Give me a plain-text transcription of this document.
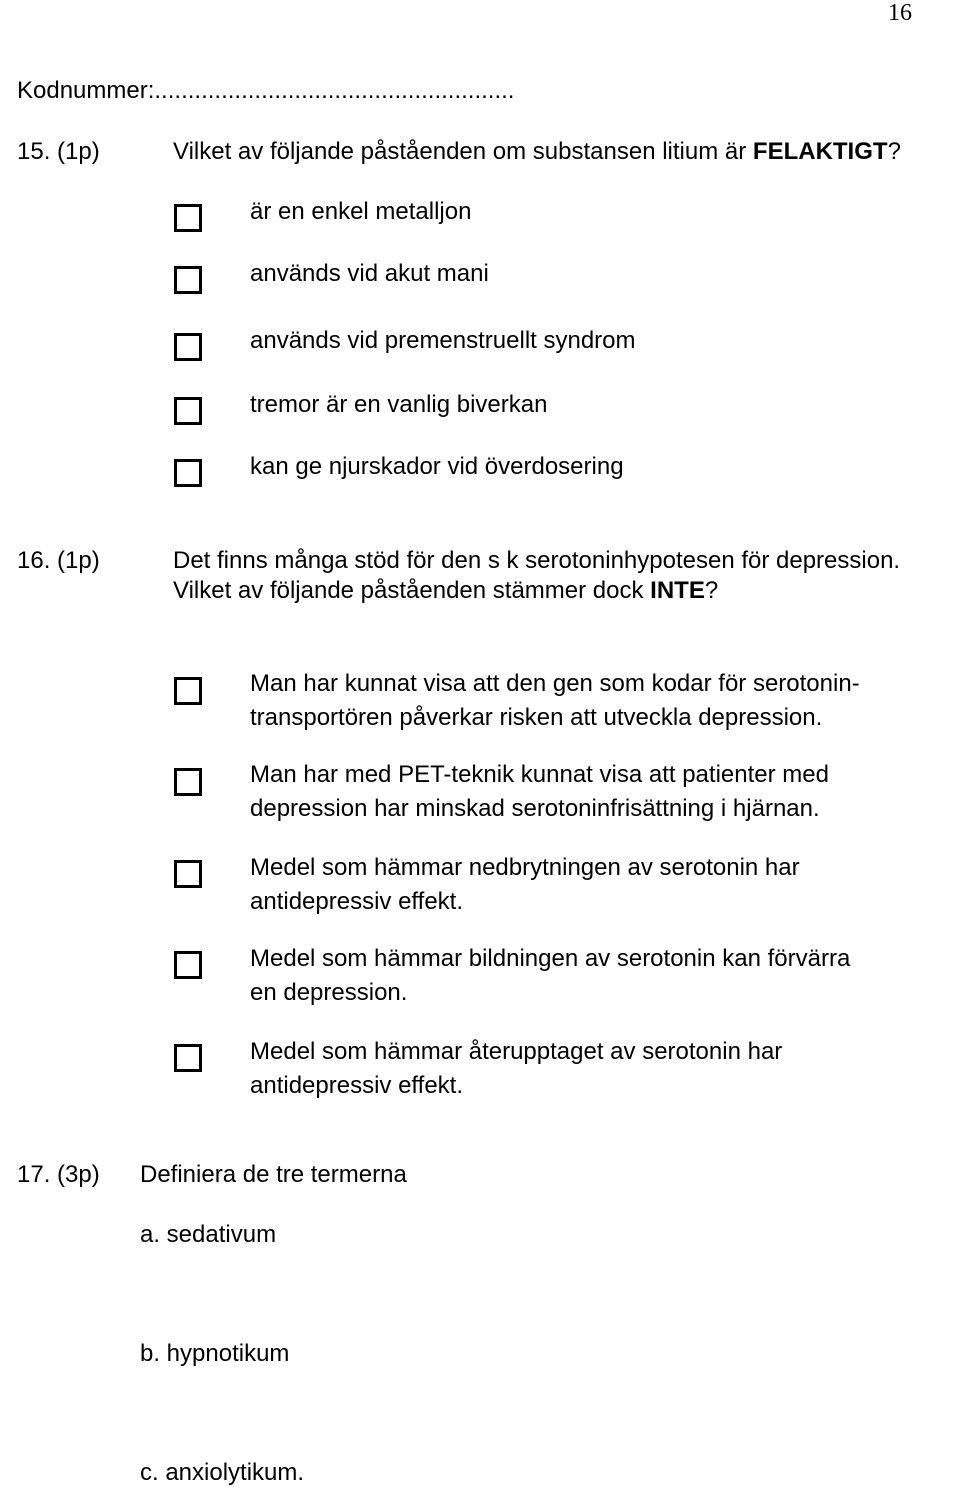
16
Kodnummer:......................................................
15. (1p)	Vilket av följande påståenden om substansen litium är FELAKTIGT?
är en enkel metalljon
används vid akut mani
används vid premenstruellt syndrom
tremor är en vanlig biverkan
kan ge njurskador vid överdosering
16. (1p)	Det finns många stöd för den s k serotoninhypotesen för depression.
Vilket av följande påståenden stämmer dock INTE?
Man har kunnat visa att den gen som kodar för serotonin-
transportören påverkar risken att utveckla depression.
Man har med PET-teknik kunnat visa att patienter med
depression har minskad serotoninfrisättning i hjärnan.
Medel som hämmar nedbrytningen av serotonin har
antidepressiv effekt.
Medel som hämmar bildningen av serotonin kan förvärra
en depression.
Medel som hämmar återupptaget av serotonin har
antidepressiv effekt.
17. (3p) Definiera de tre termerna
a. sedativum
b. hypnotikum
c. anxiolytikum.
